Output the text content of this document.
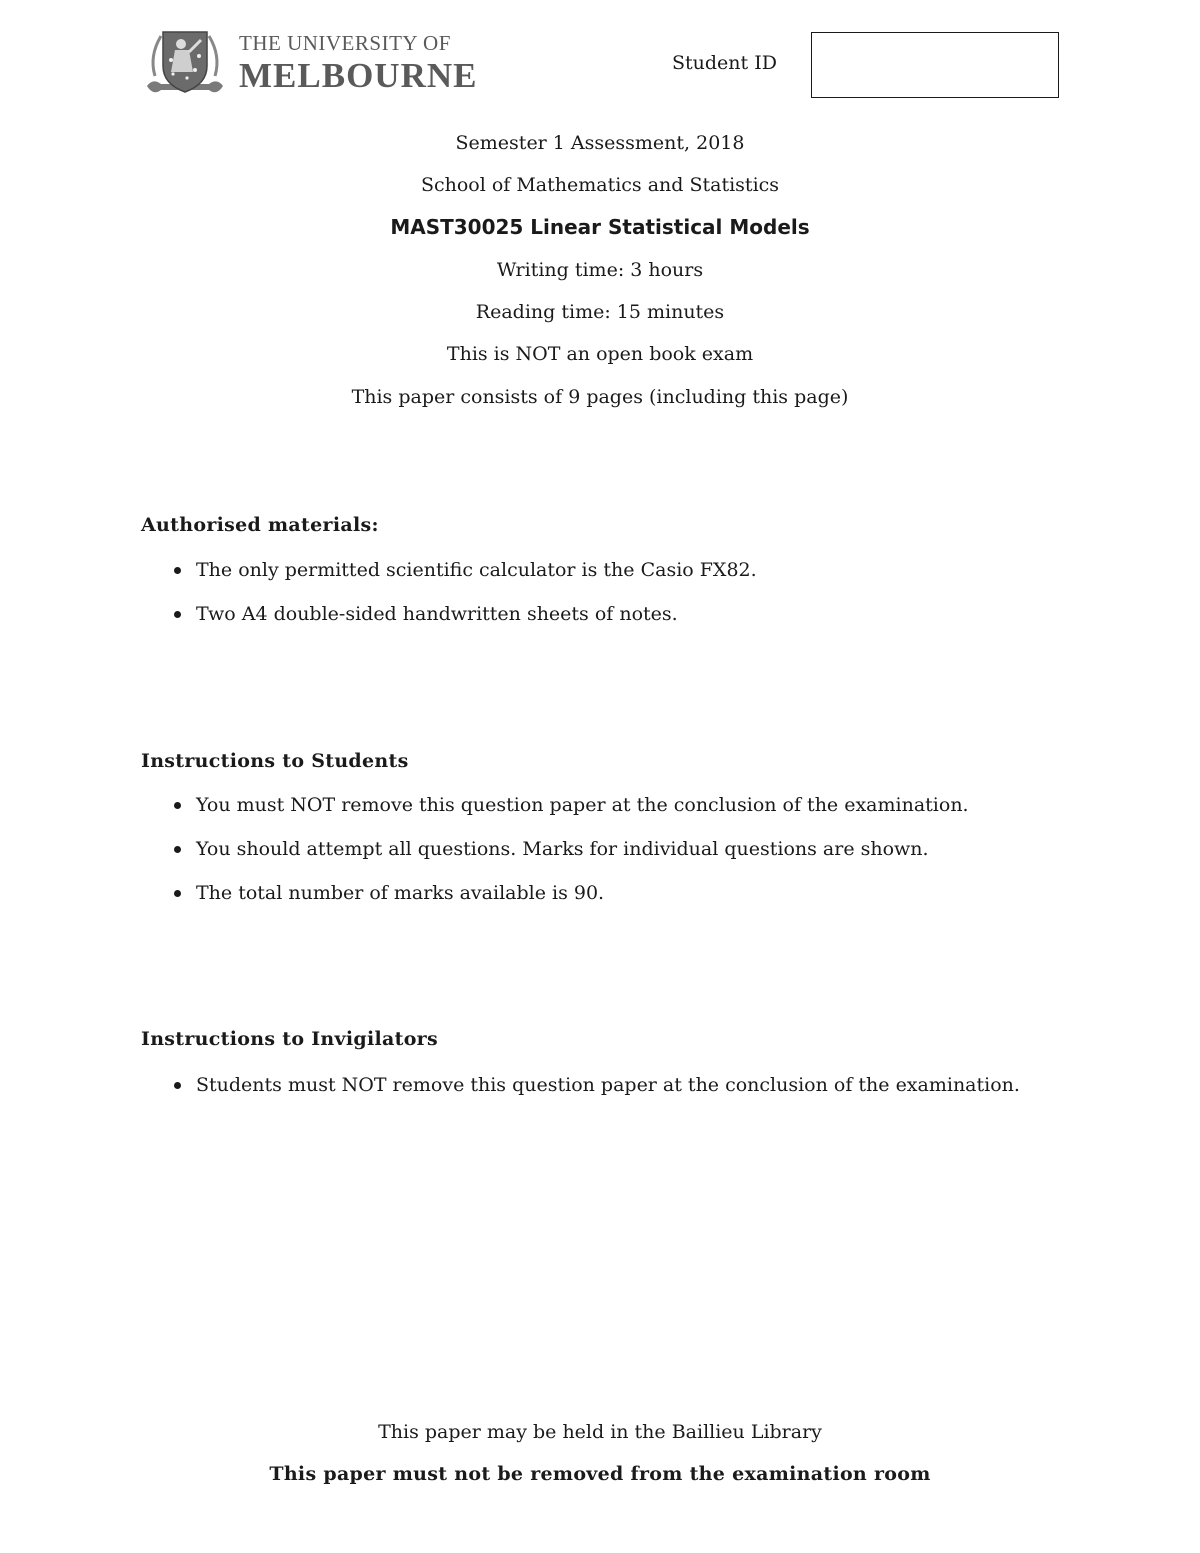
THE UNIVERSITY OF
MELBOURNE	Student ID
Semester 1 Assessment, 2018
School of Mathematics and Statistics
MAST30025 Linear Statistical Models
Writing time: 3 hours
Reading time: 15 minutes
This is NOT an open book exam
This paper consists of 9 pages (including this page)
Authorised materials:
The only permitted scientific calculator is the Casio FX82.
Two A4 double-sided handwritten sheets of notes.
Instructions to Students
You must NOT remove this question paper at the conclusion of the examination.
You should attempt all questions. Marks for individual questions are shown.
The total number of marks available is 90.
Instructions to Invigilators
Students must NOT remove this question paper at the conclusion of the examination.
This paper may be held in the Baillieu Library
This paper must not be removed from the examination room
